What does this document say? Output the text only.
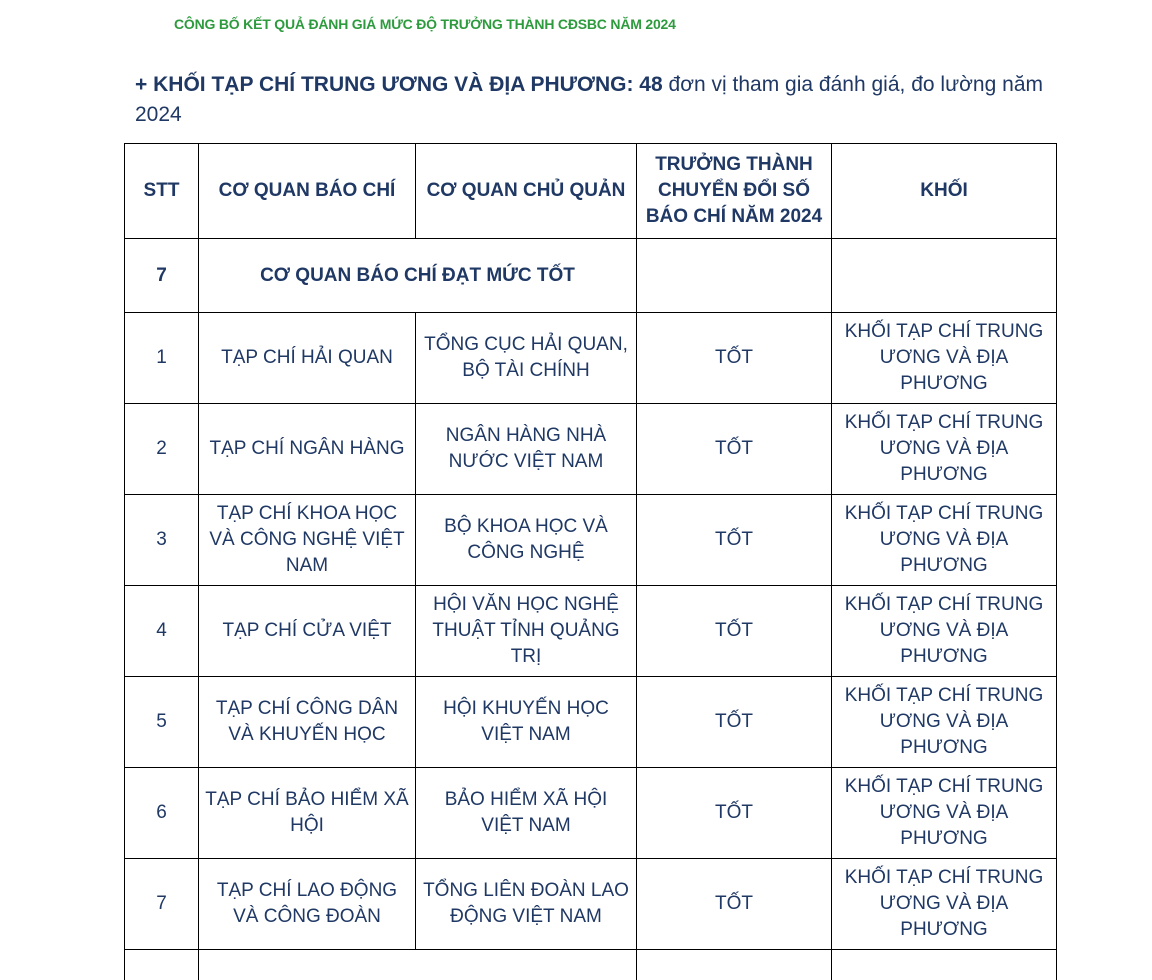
CÔNG BỐ KẾT QUẢ ĐÁNH GIÁ MỨC ĐỘ TRƯỞNG THÀNH CĐSBC NĂM 2024
+ KHỐI TẠP CHÍ TRUNG ƯƠNG VÀ ĐỊA PHƯƠNG: 48 đơn vị tham gia đánh giá, đo lường năm 2024
STT	CƠ QUAN BÁO CHÍ	CƠ QUAN CHỦ QUẢN	TRƯỞNG THÀNH CHUYỂN ĐỔI SỐ BÁO CHÍ NĂM 2024	KHỐI
7	CƠ QUAN BÁO CHÍ ĐẠT MỨC TỐT			
1	TẠP CHÍ HẢI QUAN	TỔNG CỤC HẢI QUAN, BỘ TÀI CHÍNH	TỐT	KHỐI TẠP CHÍ TRUNG ƯƠNG VÀ ĐỊA PHƯƠNG
2	TẠP CHÍ NGÂN HÀNG	NGÂN HÀNG NHÀ NƯỚC VIỆT NAM	TỐT	KHỐI TẠP CHÍ TRUNG ƯƠNG VÀ ĐỊA PHƯƠNG
3	TẠP CHÍ KHOA HỌC VÀ CÔNG NGHỆ VIỆT NAM	BỘ KHOA HỌC VÀ CÔNG NGHỆ	TỐT	KHỐI TẠP CHÍ TRUNG ƯƠNG VÀ ĐỊA PHƯƠNG
4	TẠP CHÍ CỬA VIỆT	HỘI VĂN HỌC NGHỆ THUẬT TỈNH QUẢNG TRỊ	TỐT	KHỐI TẠP CHÍ TRUNG ƯƠNG VÀ ĐỊA PHƯƠNG
5	TẠP CHÍ CÔNG DÂN VÀ KHUYẾN HỌC	HỘI KHUYẾN HỌC VIỆT NAM	TỐT	KHỐI TẠP CHÍ TRUNG ƯƠNG VÀ ĐỊA PHƯƠNG
6	TẠP CHÍ BẢO HIỂM XÃ HỘI	BẢO HIỂM XÃ HỘI VIỆT NAM	TỐT	KHỐI TẠP CHÍ TRUNG ƯƠNG VÀ ĐỊA PHƯƠNG
7	TẠP CHÍ LAO ĐỘNG VÀ CÔNG ĐOÀN	TỔNG LIÊN ĐOÀN LAO ĐỘNG VIỆT NAM	TỐT	KHỐI TẠP CHÍ TRUNG ƯƠNG VÀ ĐỊA PHƯƠNG
